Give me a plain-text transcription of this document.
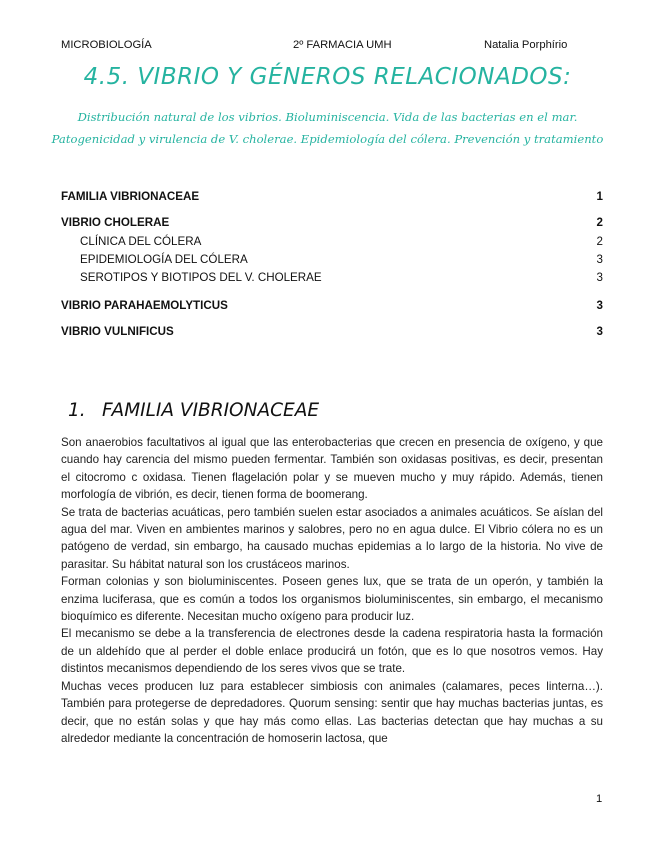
MICROBIOLOGÍA	2º FARMACIA UMH	Natalia Porphírio
4.5. VIBRIO Y GÉNEROS RELACIONADOS:
Distribución natural de los vibrios. Bioluminiscencia. Vida de las bacterias en el mar. Patogenicidad y virulencia de V. cholerae. Epidemiología del cólera. Prevención y tratamiento
FAMILIA VIBRIONACEAE	1
VIBRIO CHOLERAE	2
CLÍNICA DEL CÓLERA	2
EPIDEMIOLOGÍA DEL CÓLERA	3
SEROTIPOS Y BIOTIPOS DEL V. CHOLERAE	3
VIBRIO PARAHAEMOLYTICUS	3
VIBRIO VULNIFICUS	3
1. FAMILIA VIBRIONACEAE

Son anaerobios facultativos al igual que las enterobacterias que crecen en presencia de oxígeno, y que cuando hay carencia del mismo pueden fermentar. También son oxidasas positivas, es decir, presentan el citocromo c oxidasa. Tienen flagelación polar y se mueven mucho y muy rápido. Además, tienen morfología de vibrión, es decir, tienen forma de boomerang.

Se trata de bacterias acuáticas, pero también suelen estar asociados a animales acuáticos. Se aíslan del agua del mar. Viven en ambientes marinos y salobres, pero no en agua dulce. El Vibrio cólera no es un patógeno de verdad, sin embargo, ha causado muchas epidemias a lo largo de la historia. No vive de parasitar. Su hábitat natural son los crustáceos marinos.

Forman colonias y son bioluminiscentes. Poseen genes lux, que se trata de un operón, y también la enzima luciferasa, que es común a todos los organismos bioluminiscentes, sin embargo, el mecanismo bioquímico es diferente. Necesitan mucho oxígeno para producir luz.

El mecanismo se debe a la transferencia de electrones desde la cadena respiratoria hasta la formación de un aldehído que al perder el doble enlace producirá un fotón, que es lo que nosotros vemos. Hay distintos mecanismos dependiendo de los seres vivos que se trate.

Muchas veces producen luz para establecer simbiosis con animales (calamares, peces linterna…). También para protegerse de depredadores. Quorum sensing: sentir que hay muchas bacterias juntas, es decir, que no están solas y que hay más como ellas. Las bacterias detectan que hay muchas a su alrededor mediante la concentración de homoserin lactosa, que

1
